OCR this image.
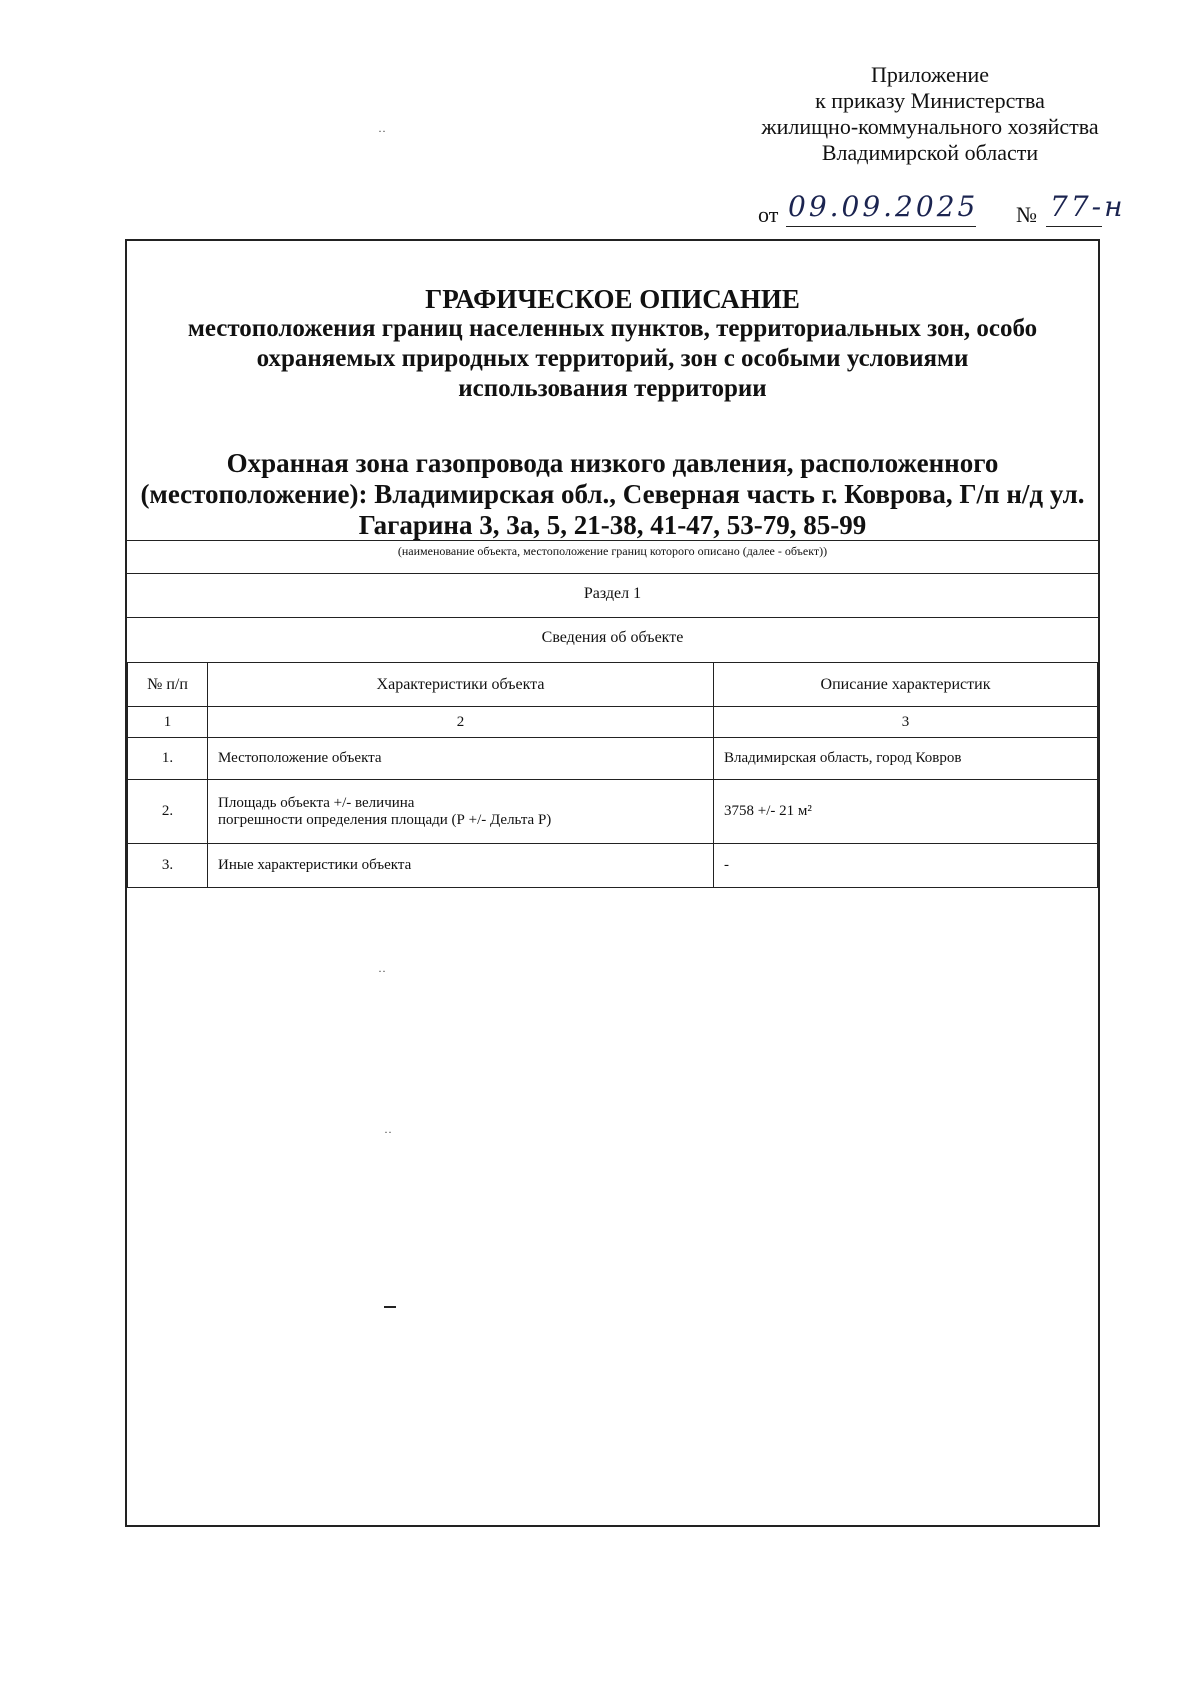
Приложение
к приказу Министерства
жилищно-коммунального хозяйства
Владимирской области
от 09.09.2025 № 77-н
ГРАФИЧЕСКОЕ ОПИСАНИЕ
местоположения границ населенных пунктов, территориальных зон, особо
охраняемых природных территорий, зон с особыми условиями
использования территории
Охранная зона газопровода низкого давления, расположенного
(местоположение): Владимирская обл., Северная часть г. Коврова, Г/п н/д ул.
Гагарина 3, 3а, 5, 21-38, 41-47, 53-79, 85-99
(наименование объекта, местоположение границ которого описано (далее - объект))
Раздел 1
Сведения об объекте
№ п/п	Характеристики объекта	Описание характеристик
1	2	3
1.	Местоположение объекта	Владимирская область, город Ковров
2.	Площадь объекта +/- величина
погрешности определения площади (Р +/- Дельта Р)	3758 +/- 21 м²
3.	Иные характеристики объекта	-
··
··
··
